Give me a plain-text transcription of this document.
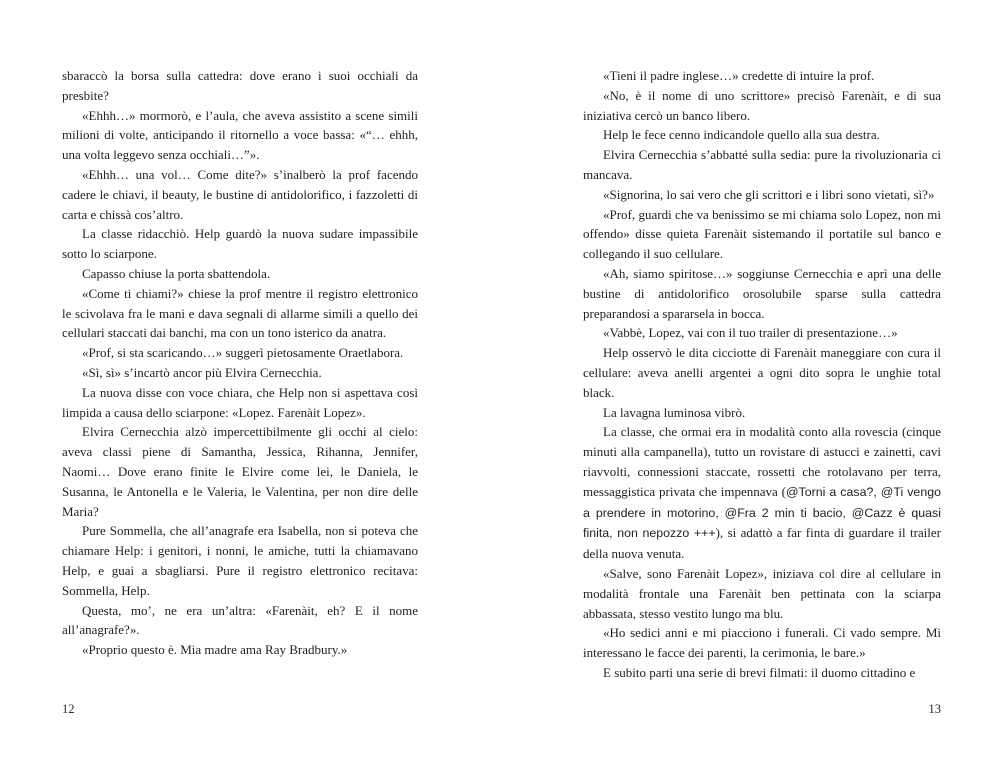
sbaraccò la borsa sulla cattedra: dove erano i suoi occhiali da presbite?

«Ehhh…» mormorò, e l’aula, che aveva assistito a scene simili milioni di volte, anticipando il ritornello a voce bassa: «“… ehhh, una volta leggevo senza occhiali…”».

«Ehhh… una vol… Come dite?» s’inalberò la prof facendo cadere le chiavi, il beauty, le bustine di antidolorifico, i fazzoletti di carta e chissà cos’altro.

La classe ridacchiò. Help guardò la nuova sudare impassibile sotto lo sciarpone.

Capasso chiuse la porta sbattendola.

«Come ti chiami?» chiese la prof mentre il registro elettronico le scivolava fra le mani e dava segnali di allarme simili a quello dei cellulari staccati dai banchi, ma con un tono isterico da anatra.

«Prof, si sta scaricando…» suggerì pietosamente Oraetlabora.

«Sì, sì» s’incartò ancor più Elvira Cernecchia.

La nuova disse con voce chiara, che Help non si aspettava così limpida a causa dello sciarpone: «Lopez. Farenàit Lopez».

Elvira Cernecchia alzò impercettibilmente gli occhi al cielo: aveva classi piene di Samantha, Jessica, Rihanna, Jennifer, Naomi… Dove erano finite le Elvire come lei, le Daniela, le Susanna, le Antonella e le Valeria, le Valentina, per non dire delle Maria?

Pure Sommella, che all’anagrafe era Isabella, non si poteva che chiamare Help: i genitori, i nonni, le amiche, tutti la chiamavano Help, e guai a sbagliarsi. Pure il registro elettronico recitava: Sommella, Help.

Questa, mo’, ne era un’altra: «Farenàit, eh? E il nome all’anagrafe?».

«Proprio questo è. Mia madre ama Ray Bradbury.»

12

«Tieni il padre inglese…» credette di intuire la prof.

«No, è il nome di uno scrittore» precisò Farenàit, e di sua iniziativa cercò un banco libero.

Help le fece cenno indicandole quello alla sua destra.

Elvira Cernecchia s’abbatté sulla sedia: pure la rivoluzionaria ci mancava.

«Signorina, lo sai vero che gli scrittori e i libri sono vietati, sì?»

«Prof, guardi che va benissimo se mi chiama solo Lopez, non mi offendo» disse quieta Farenàit sistemando il portatile sul banco e collegando il suo cellulare.

«Ah, siamo spiritose…» soggiunse Cernecchia e aprì una delle bustine di antidolorifico orosolubile sparse sulla cattedra preparandosi a spararsela in bocca.

«Vabbè, Lopez, vai con il tuo trailer di presentazione…»

Help osservò le dita cicciotte di Farenàit maneggiare con cura il cellulare: aveva anelli argentei a ogni dito sopra le unghie total black.

La lavagna luminosa vibrò.

La classe, che ormai era in modalità conto alla rovescia (cinque minuti alla campanella), tutto un rovistare di astucci e zainetti, cavi riavvolti, connessioni staccate, rossetti che rotolavano per terra, messaggistica privata che impennava (@Torni a casa?, @Ti vengo a prendere in motorino, @Fra 2 min ti bacio, @Cazz è quasi finita, non nepozzo +++), si adattò a far finta di guardare il trailer della nuova venuta.

«Salve, sono Farenàit Lopez», iniziava col dire al cellulare in modalità frontale una Farenàit ben pettinata con la sciarpa abbassata, stesso vestito lungo ma blu.

«Ho sedici anni e mi piacciono i funerali. Ci vado sempre. Mi interessano le facce dei parenti, la cerimonia, le bare.»

E subito partì una serie di brevi filmati: il duomo cittadino e

13
